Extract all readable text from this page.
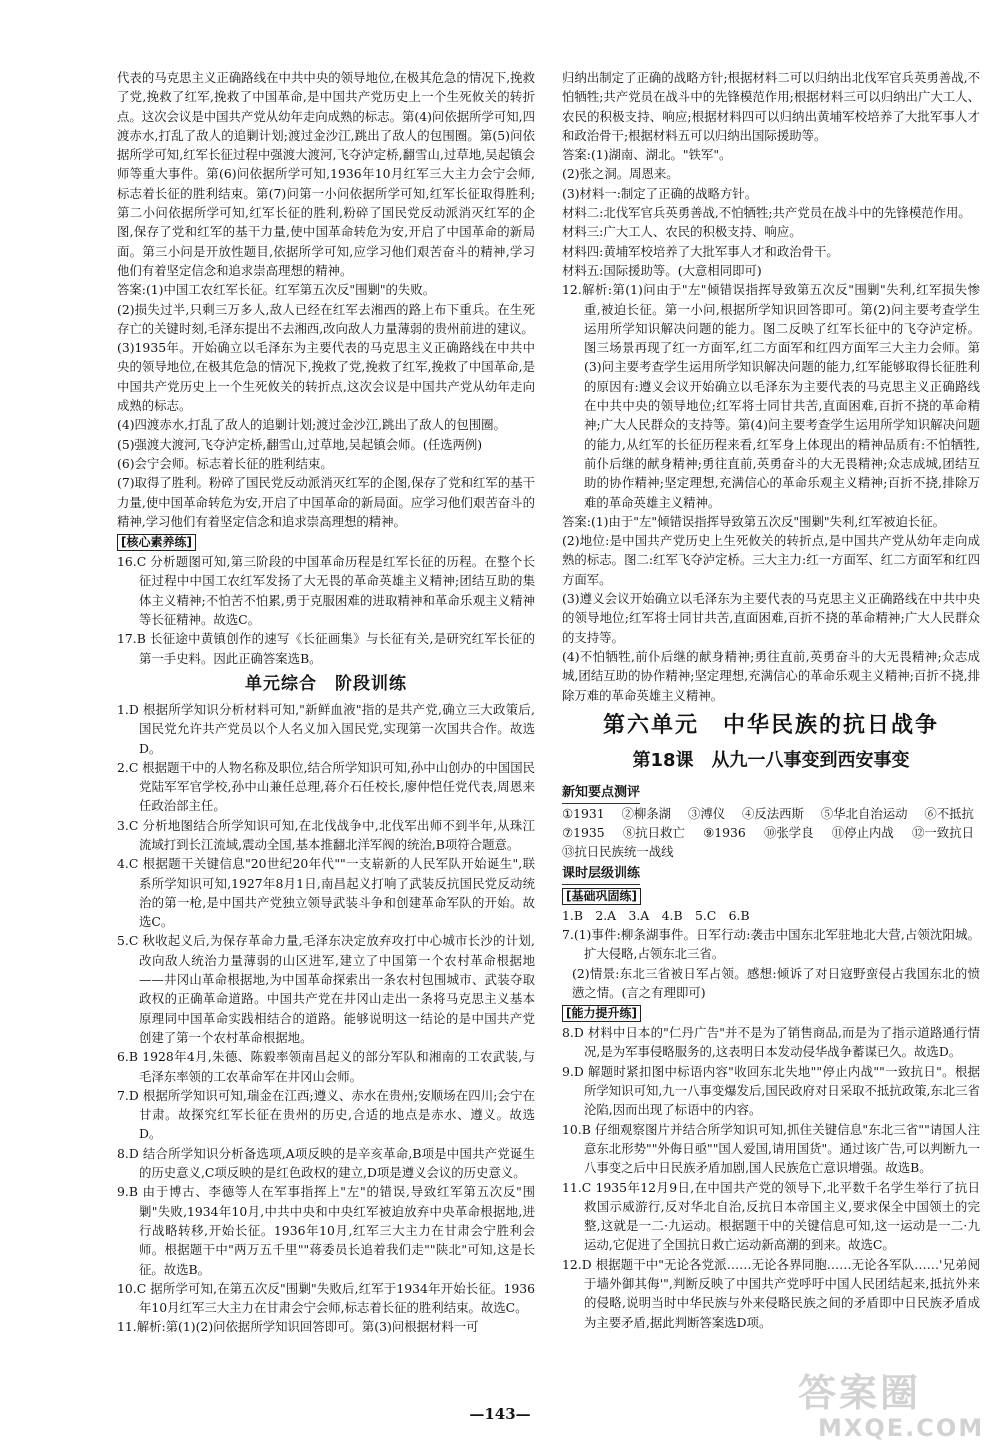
代表的马克思主义正确路线在中共中央的领导地位,在极其危急的情况下,挽救了党,挽救了红军,挽救了中国革命,是中国共产党历史上一个生死攸关的转折点。这次会议是中国共产党从幼年走向成熟的标志。第(4)问依据所学可知,四渡赤水,打乱了敌人的追剿计划;渡过金沙江,跳出了敌人的包围圈。第(5)问依据所学可知,红军长征过程中强渡大渡河,飞夺泸定桥,翻雪山,过草地,吴起镇会师等重大事件。第(6)问依据所学可知,1936年10月红军三大主力会宁会师,标志着长征的胜利结束。第(7)问第一小问依据所学可知,红军长征取得胜利;第二小问依据所学可知,红军长征的胜利,粉碎了国民党反动派消灭红军的企图,保存了党和红军的基干力量,使中国革命转危为安,开启了中国革命的新局面。第三小问是开放性题目,依据所学可知,应学习他们艰苦奋斗的精神,学习他们有着坚定信念和追求崇高理想的精神。

答案:(1)中国工农红军长征。红军第五次反"围剿"的失败。

(2)损失过半,只剩三万多人,敌人已经在红军去湘西的路上布下重兵。在生死存亡的关键时刻,毛泽东提出不去湘西,改向敌人力量薄弱的贵州前进的建议。

(3)1935年。开始确立以毛泽东为主要代表的马克思主义正确路线在中共中央的领导地位,在极其危急的情况下,挽救了党,挽救了红军,挽救了中国革命,是中国共产党历史上一个生死攸关的转折点,这次会议是中国共产党从幼年走向成熟的标志。

(4)四渡赤水,打乱了敌人的追剿计划;渡过金沙江,跳出了敌人的包围圈。

(5)强渡大渡河,飞夺泸定桥,翻雪山,过草地,吴起镇会师。(任选两例)

(6)会宁会师。标志着长征的胜利结束。

(7)取得了胜利。粉碎了国民党反动派消灭红军的企图,保存了党和红军的基干力量,使中国革命转危为安,开启了中国革命的新局面。应学习他们艰苦奋斗的精神,学习他们有着坚定信念和追求崇高理想的精神。

[核心素养练]

16.C 分析题图可知,第三阶段的中国革命历程是红军长征的历程。在整个长征过程中中国工农红军发扬了大无畏的革命英雄主义精神;团结互助的集体主义精神;不怕苦不怕累,勇于克服困难的进取精神和革命乐观主义精神等长征精神。故选C。

17.B 长征途中黄镇创作的速写《长征画集》与长征有关,是研究红军长征的第一手史料。因此正确答案选B。

单元综合　阶段训练

1.D 根据所学知识分析材料可知,"新鲜血液"指的是共产党,确立三大政策后,国民党允许共产党员以个人名义加入国民党,实现第一次国共合作。故选D。

2.C 根据题干中的人物名称及职位,结合所学知识可知,孙中山创办的中国国民党陆军军官学校,孙中山兼任总理,蒋介石任校长,廖仲恺任党代表,周恩来任政治部主任。

3.C 分析地图结合所学知识可知,在北伐战争中,北伐军出师不到半年,从珠江流域打到长江流域,震动全国,基本推翻北洋军阀的统治,B项符合题意。

4.C 根据题干关键信息"20世纪20年代""一支崭新的人民军队开始诞生",联系所学知识可知,1927年8月1日,南昌起义打响了武装反抗国民党反动统治的第一枪,是中国共产党独立领导武装斗争和创建革命军队的开始。故选C。

5.C 秋收起义后,为保存革命力量,毛泽东决定放弃攻打中心城市长沙的计划,改向敌人统治力量薄弱的山区进军,建立了中国第一个农村革命根据地——井冈山革命根据地,为中国革命探索出一条农村包围城市、武装夺取政权的正确革命道路。中国共产党在井冈山走出一条将马克思主义基本原理同中国革命实践相结合的道路。能够说明这一结论的是中国共产党创建了第一个农村革命根据地。

6.B 1928年4月,朱德、陈毅率领南昌起义的部分军队和湘南的工农武装,与毛泽东率领的工农革命军在井冈山会师。

7.D 根据所学知识可知,瑞金在江西;遵义、赤水在贵州;安顺场在四川;会宁在甘肃。故探究红军长征在贵州的历史,合适的地点是赤水、遵义。故选D。

8.D 结合所学知识分析备选项,A项反映的是辛亥革命,B项是中国共产党诞生的历史意义,C项反映的是红色政权的建立,D项是遵义会议的历史意义。

9.B 由于博古、李德等人在军事指挥上"左"的错误,导致红军第五次反"围剿"失败,1934年10月,中共中央和中央红军被迫放弃中央革命根据地,进行战略转移,开始长征。1936年10月,红军三大主力在甘肃会宁胜利会师。根据题干中"两万五千里""蒋委员长追着我们走""陕北"可知,这是长征。故选B。

10.C 据所学可知,在第五次反"围剿"失败后,红军于1934年开始长征。1936年10月红军三大主力在甘肃会宁会师,标志着长征的胜利结束。故选C。

11.解析:第(1)(2)问依据所学知识回答即可。第(3)问根据材料一可

归纳出制定了正确的战略方针;根据材料二可以归纳出北伐军官兵英勇善战,不怕牺牲;共产党员在战斗中的先锋模范作用;根据材料三可以归纳出广大工人、农民的积极支持、响应;根据材料四可以归纳出黄埔军校培养了大批军事人才和政治骨干;根据材料五可以归纳出国际援助等。

答案:(1)湖南、湖北。"铁军"。

(2)张之洞。周恩来。

(3)材料一:制定了正确的战略方针。

材料二:北伐军官兵英勇善战,不怕牺牲;共产党员在战斗中的先锋模范作用。

材料三:广大工人、农民的积极支持、响应。

材料四:黄埔军校培养了大批军事人才和政治骨干。

材料五:国际援助等。(大意相同即可)

12.解析:第(1)问由于"左"倾错误指挥导致第五次反"围剿"失利,红军损失惨重,被迫长征。第一小问,根据所学知识回答即可。第(2)问主要考查学生运用所学知识解决问题的能力。图二反映了红军长征中的飞夺泸定桥。图三场景再现了红一方面军,红二方面军和红四方面军三大主力会师。第(3)问主要考查学生运用所学知识解决问题的能力,红军能够取得长征胜利的原因有:遵义会议开始确立以毛泽东为主要代表的马克思主义正确路线在中共中央的领导地位;红军将士同甘共苦,直面困难,百折不挠的革命精神;广大人民群众的支持等。第(4)问主要考查学生运用所学知识解决问题的能力,从红军的长征历程来看,红军身上体现出的精神品质有:不怕牺牲,前仆后继的献身精神;勇往直前,英勇奋斗的大无畏精神;众志成城,团结互助的协作精神;坚定理想,充满信心的革命乐观主义精神;百折不挠,排除万难的革命英雄主义精神。

答案:(1)由于"左"倾错误指挥导致第五次反"围剿"失利,红军被迫长征。

(2)地位:是中国共产党历史上生死攸关的转折点,是中国共产党从幼年走向成熟的标志。图二:红军飞夺泸定桥。三大主力:红一方面军、红二方面军和红四方面军。

(3)遵义会议开始确立以毛泽东为主要代表的马克思主义正确路线在中共中央的领导地位;红军将士同甘共苦,直面困难,百折不挠的革命精神;广大人民群众的支持等。

(4)不怕牺牲,前仆后继的献身精神;勇往直前,英勇奋斗的大无畏精神;众志成城,团结互助的协作精神;坚定理想,充满信心的革命乐观主义精神;百折不挠,排除万难的革命英雄主义精神。

第六单元　中华民族的抗日战争
第18课　从九一八事变到西安事变
新知要点测评

①1931 ②柳条湖 ③溥仪 ④反法西斯 ⑤华北自治运动 ⑥不抵抗 ⑦1935 ⑧抗日救亡 ⑨1936 ⑩张学良 ⑪停止内战 ⑫一致抗日 ⑬抗日民族统一战线

课时层级训练
[基础巩固练]

1.B　2.A　3.A　4.B　5.C　6.B

7.(1)事件:柳条湖事件。日军行动:袭击中国东北军驻地北大营,占领沈阳城。扩大侵略,占领东北三省。

(2)情景:东北三省被日军占领。感想:倾诉了对日寇野蛮侵占我国东北的愤懑之情。(言之有理即可)

[能力提升练]

8.D 材料中日本的"仁丹广告"并不是为了销售商品,而是为了指示道路通行情况,是为军事侵略服务的,这表明日本发动侵华战争蓄谋已久。故选D。

9.D 解题时紧扣图中标语内容"收回东北失地""停止内战""一致抗日"。根据所学知识可知,九一八事变爆发后,国民政府对日采取不抵抗政策,东北三省沦陷,因而出现了标语中的内容。

10.B 仔细观察图片并结合所学知识可知,抓住关键信息"东北三省""请国人注意东北形势""外侮日亟""国人爱国,请用国货"。通过该广告,可以判断九一八事变之后中日民族矛盾加剧,国人民族危亡意识增强。故选B。

11.C 1935年12月9日,在中国共产党的领导下,北平数千名学生举行了抗日救国示威游行,反对华北自治,反抗日本帝国主义,要求保全中国领土的完整,这就是一二·九运动。根据题干中的关键信息可知,这一运动是一二·九运动,它促进了全国抗日救亡运动新高潮的到来。故选C。

12.D 根据题干中"无论各党派……无论各界同胞……无论各军队……'兄弟阋于墙外御其侮'",判断反映了中国共产党呼吁中国人民团结起来,抵抗外来的侵略,说明当时中华民族与外来侵略民族之间的矛盾即中日民族矛盾成为主要矛盾,据此判断答案选D项。

—143—	答案圈
MXQE.COM
